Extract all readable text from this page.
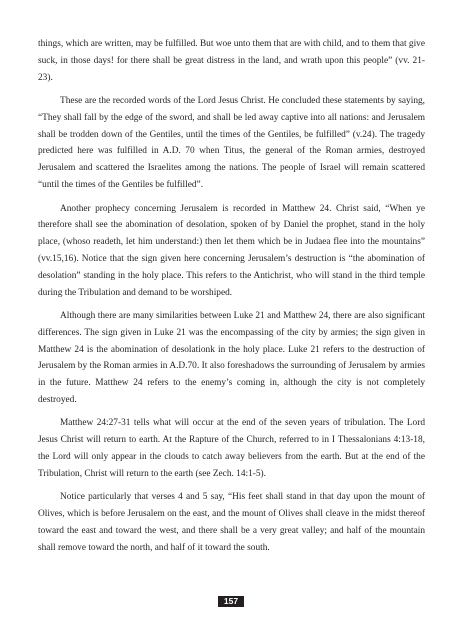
things, which are written, may be fulfilled. But woe unto them that are with child, and to them that give suck, in those days! for there shall be great distress in the land, and wrath upon this people” (vv. 21-23).

These are the recorded words of the Lord Jesus Christ. He concluded these statements by saying, “They shall fall by the edge of the sword, and shall be led away captive into all nations: and Jerusalem shall be trodden down of the Gentiles, until the times of the Gentiles, be fulfilled” (v.24). The tragedy predicted here was fulfilled in A.D. 70 when Titus, the general of the Roman armies, destroyed Jerusalem and scattered the Israelites among the nations. The people of Israel will remain scattered “until the times of the Gentiles be fulfilled”.

Another prophecy concerning Jerusalem is recorded in Matthew 24. Christ said, “When ye therefore shall see the abomination of desolation, spoken of by Daniel the prophet, stand in the holy place, (whoso readeth, let him understand:) then let them which be in Judaea flee into the mountains” (vv.15,16). Notice that the sign given here concerning Jerusalem’s destruction is “the abomination of desolation” standing in the holy place. This refers to the Antichrist, who will stand in the third temple during the Tribulation and demand to be worshiped.

Although there are many similarities between Luke 21 and Matthew 24, there are also significant differences. The sign given in Luke 21 was the encompassing of the city by armies; the sign given in Matthew 24 is the abomination of desolationk in the holy place. Luke 21 refers to the destruction of Jerusalem by the Roman armies in A.D.70. It also foreshadows the surrounding of Jerusalem by armies in the future. Matthew 24 refers to the enemy’s coming in, although the city is not completely destroyed.

Matthew 24:27-31 tells what will occur at the end of the seven years of tribulation. The Lord Jesus Christ will return to earth. At the Rapture of the Church, referred to in I Thessalonians 4:13-18, the Lord will only appear in the clouds to catch away believers from the earth. But at the end of the Tribulation, Christ will return to the earth (see Zech. 14:1-5).

Notice particularly that verses 4 and 5 say, “His feet shall stand in that day upon the mount of Olives, which is before Jerusalem on the east, and the mount of Olives shall cleave in the midst thereof toward the east and toward the west, and there shall be a very great valley; and half of the mountain shall remove toward the north, and half of it toward the south.

157
